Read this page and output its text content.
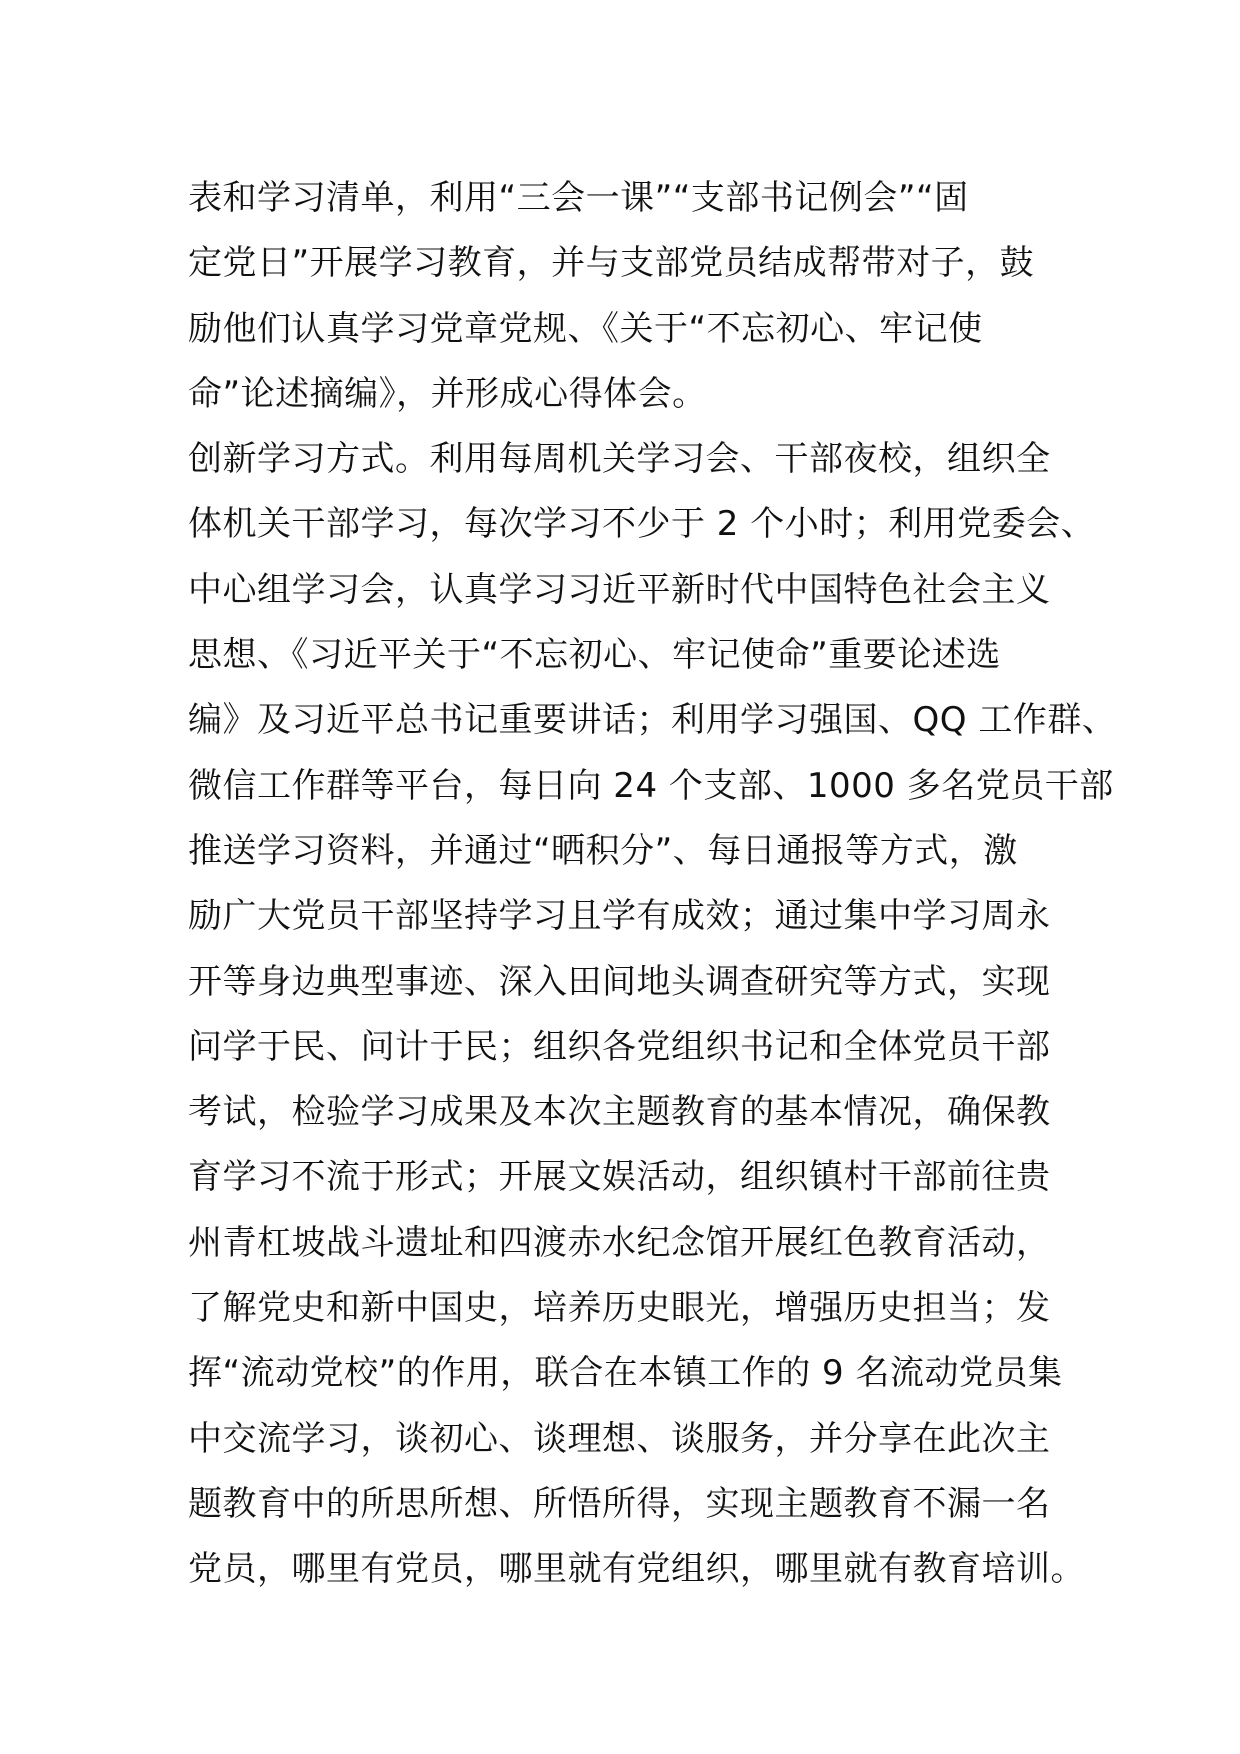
表和学习清单，利用“三会一课”“支部书记例会”“固
定党日”开展学习教育，并与支部党员结成帮带对子，鼓
励他们认真学习党章党规、《关于“不忘初心、牢记使
命”论述摘编》，并形成心得体会。
创新学习方式。利用每周机关学习会、干部夜校，组织全
体机关干部学习，每次学习不少于 2 个小时；利用党委会、
中心组学习会，认真学习习近平新时代中国特色社会主义
思想、《习近平关于“不忘初心、牢记使命”重要论述选
编》及习近平总书记重要讲话；利用学习强国、QQ 工作群、
微信工作群等平台，每日向 24 个支部、1000 多名党员干部
推送学习资料，并通过“晒积分”、每日通报等方式，激
励广大党员干部坚持学习且学有成效；通过集中学习周永
开等身边典型事迹、深入田间地头调查研究等方式，实现
问学于民、问计于民；组织各党组织书记和全体党员干部
考试，检验学习成果及本次主题教育的基本情况，确保教
育学习不流于形式；开展文娱活动，组织镇村干部前往贵
州青杠坡战斗遗址和四渡赤水纪念馆开展红色教育活动，
了解党史和新中国史，培养历史眼光，增强历史担当；发
挥“流动党校”的作用，联合在本镇工作的 9 名流动党员集
中交流学习，谈初心、谈理想、谈服务，并分享在此次主
题教育中的所思所想、所悟所得，实现主题教育不漏一名
党员，哪里有党员，哪里就有党组织，哪里就有教育培训。
